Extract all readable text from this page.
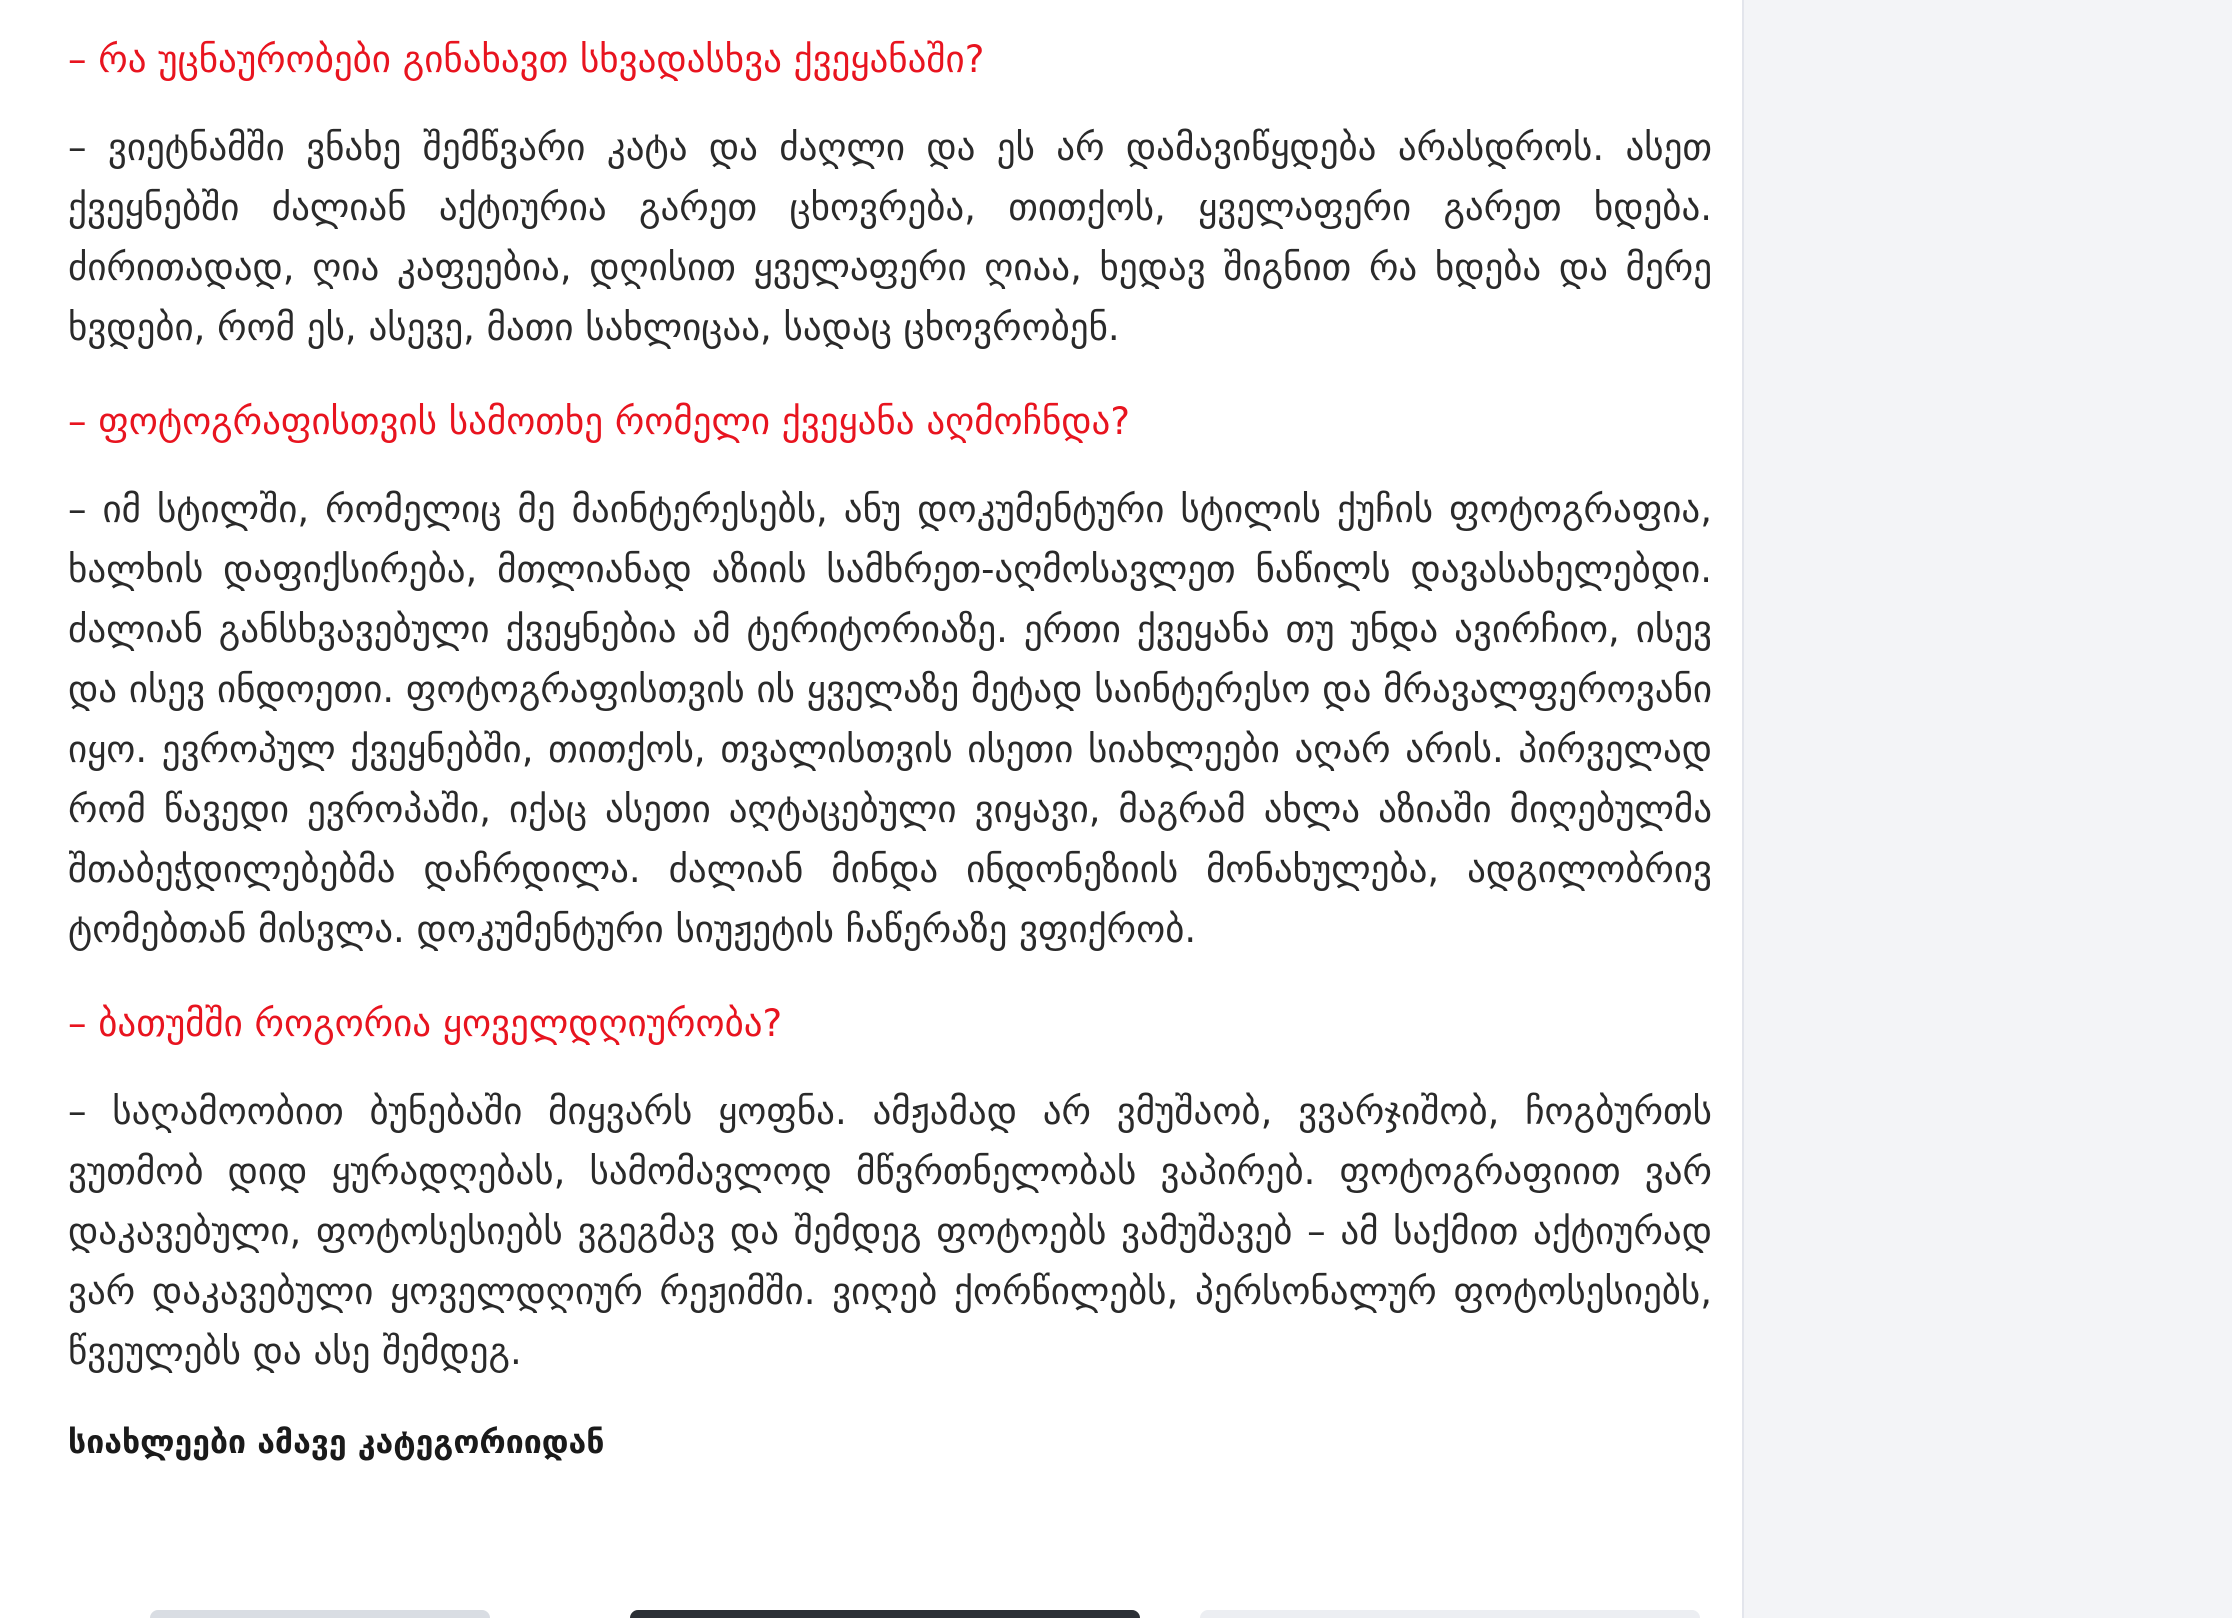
– რა უცნაურობები გინახავთ სხვადასხვა ქვეყანაში?

– ვიეტნამში ვნახე შემწვარი კატა და ძაღლი და ეს არ დამავიწყდება არასდროს. ასეთ ქვეყნებში ძალიან აქტიურია გარეთ ცხოვრება, თითქოს, ყველაფერი გარეთ ხდება. ძირითადად, ღია კაფეებია, დღისით ყველაფერი ღიაა, ხედავ შიგნით რა ხდება და მერე ხვდები, რომ ეს, ასევე, მათი სახლიცაა, სადაც ცხოვრობენ.

– ფოტოგრაფისთვის სამოთხე რომელი ქვეყანა აღმოჩნდა?

– იმ სტილში, რომელიც მე მაინტერესებს, ანუ დოკუმენტური სტილის ქუჩის ფოტოგრაფია, ხალხის დაფიქსირება, მთლიანად აზიის სამხრეთ-აღმოსავლეთ ნაწილს დავასახელებდი. ძალიან განსხვავებული ქვეყნებია ამ ტერიტორიაზე. ერთი ქვეყანა თუ უნდა ავირჩიო, ისევ და ისევ ინდოეთი. ფოტოგრაფისთვის ის ყველაზე მეტად საინტერესო და მრავალფეროვანი იყო. ევროპულ ქვეყნებში, თითქოს, თვალისთვის ისეთი სიახლეები აღარ არის. პირველად რომ წავედი ევროპაში, იქაც ასეთი აღტაცებული ვიყავი, მაგრამ ახლა აზიაში მიღებულმა შთაბეჭდილებებმა დაჩრდილა. ძალიან მინდა ინდონეზიის მონახულება, ადგილობრივ ტომებთან მისვლა. დოკუმენტური სიუჟეტის ჩაწერაზე ვფიქრობ.

– ბათუმში როგორია ყოველდღიურობა?

– საღამოობით ბუნებაში მიყვარს ყოფნა. ამჟამად არ ვმუშაობ, ვვარჯიშობ, ჩოგბურთს ვუთმობ დიდ ყურადღებას, სამომავლოდ მწვრთნელობას ვაპირებ. ფოტოგრაფიით ვარ დაკავებული, ფოტოსესიებს ვგეგმავ და შემდეგ ფოტოებს ვამუშავებ – ამ საქმით აქტიურად ვარ დაკავებული ყოველდღიურ რეჟიმში. ვიღებ ქორწილებს, პერსონალურ ფოტოსესიებს, წვეულებს და ასე შემდეგ.

სიახლეები ამავე კატეგორიიდან
